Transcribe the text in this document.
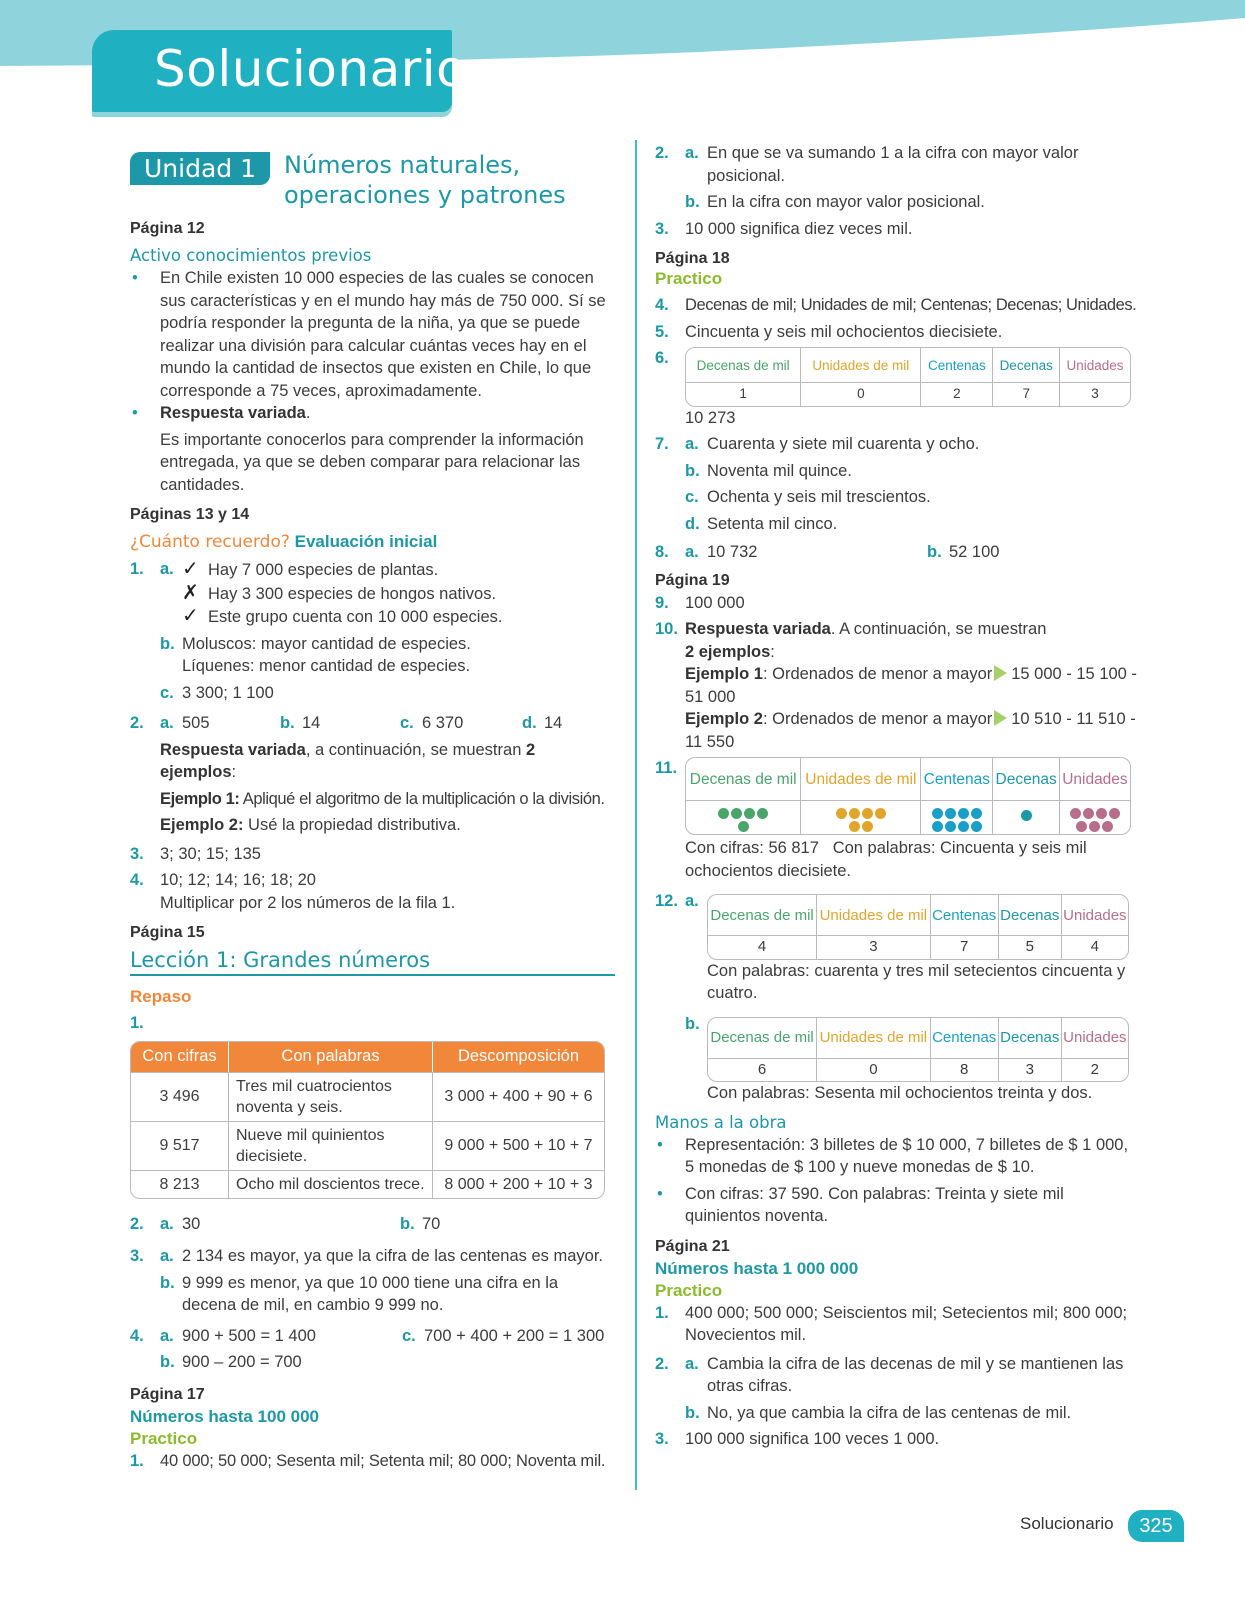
Solucionario
Unidad 1	Números naturales,
operaciones y patrones
Página 12
Activo conocimientos previos
•	En Chile existen 10 000 especies de las cuales se conocen sus características y en el mundo hay más de 750 000. Sí se podría responder la pregunta de la niña, ya que se puede realizar una división para calcular cuántas veces hay en el mundo la cantidad de insectos que existen en Chile, lo que corresponde a 75 veces, aproximadamente.
•	Respuesta variada.
Es importante conocerlos para comprender la información entregada, ya que se deben comparar para relacionar las cantidades.
Páginas 13 y 14
¿Cuánto recuerdo? Evaluación inicial
1. a. ✓ Hay 7 000 especies de plantas.
✗ Hay 3 300 especies de hongos nativos.
✓ Este grupo cuenta con 10 000 especies.
b. Moluscos: mayor cantidad de especies.
Líquenes: menor cantidad de especies.
c. 3 300; 1 100
2. a. 505	b. 14	c. 6 370	d. 14
Respuesta variada, a continuación, se muestran 2 ejemplos:
Ejemplo 1: Apliqué el algoritmo de la multiplicación o la división.
Ejemplo 2: Usé la propiedad distributiva.
3. 3; 30; 15; 135
4. 10; 12; 14; 16; 18; 20
Multiplicar por 2 los números de la fila 1.
Página 15
Lección 1: Grandes números
Repaso
1.
Con cifras	Con palabras	Descomposición
3 496	Tres mil cuatrocientos noventa y seis.	3 000 + 400 + 90 + 6
9 517	Nueve mil quinientos diecisiete.	9 000 + 500 + 10 + 7
8 213	Ocho mil doscientos trece.	8 000 + 200 + 10 + 3
2. a. 30	b. 70
3. a. 2 134 es mayor, ya que la cifra de las centenas es mayor.
b. 9 999 es menor, ya que 10 000 tiene una cifra en la decena de mil, en cambio 9 999 no.
4. a. 900 + 500 = 1 400	c. 700 + 400 + 200 = 1 300
b. 900 – 200 = 700
Página 17
Números hasta 100 000
Practico
1. 40 000; 50 000; Sesenta mil; Setenta mil; 80 000; Noventa mil.
2. a. En que se va sumando 1 a la cifra con mayor valor posicional.
b. En la cifra con mayor valor posicional.
3. 10 000 significa diez veces mil.
Página 18
Practico
4. Decenas de mil; Unidades de mil; Centenas; Decenas; Unidades.
5. Cincuenta y seis mil ochocientos diecisiete.
6.	Decenas de mil	Unidades de mil	Centenas	Decenas	Unidades
1	0	2	7	3
10 273
7. a. Cuarenta y siete mil cuarenta y ocho.
b. Noventa mil quince.
c. Ochenta y seis mil trescientos.
d. Setenta mil cinco.
8. a. 10 732	b. 52 100
Página 19
9. 100 000
10. Respuesta variada. A continuación, se muestran
2 ejemplos:
Ejemplo 1: Ordenados de menor a mayor 15 000 - 15 100 - 51 000
Ejemplo 2: Ordenados de menor a mayor 10 510 - 11 510 - 11 550
11.
Decenas de mil	Unidades de mil	Centenas	Decenas	Unidades

Con cifras: 56 817 Con palabras: Cincuenta y seis mil ochocientos diecisiete.
12. a.
Decenas de mil	Unidades de mil	Centenas	Decenas	Unidades
4	3	7	5	4
Con palabras: cuarenta y tres mil setecientos cincuenta y cuatro.
b.
Decenas de mil	Unidades de mil	Centenas	Decenas	Unidades
6	0	8	3	2
Con palabras: Sesenta mil ochocientos treinta y dos.
Manos a la obra
•	Representación: 3 billetes de $ 10 000, 7 billetes de $ 1 000, 5 monedas de $ 100 y nueve monedas de $ 10.
•	Con cifras: 37 590. Con palabras: Treinta y siete mil quinientos noventa.
Página 21
Números hasta 1 000 000
Practico
1. 400 000; 500 000; Seiscientos mil; Setecientos mil; 800 000; Novecientos mil.
2. a. Cambia la cifra de las decenas de mil y se mantienen las otras cifras.
b. No, ya que cambia la cifra de las centenas de mil.
3. 100 000 significa 100 veces 1 000.
Solucionario	325
